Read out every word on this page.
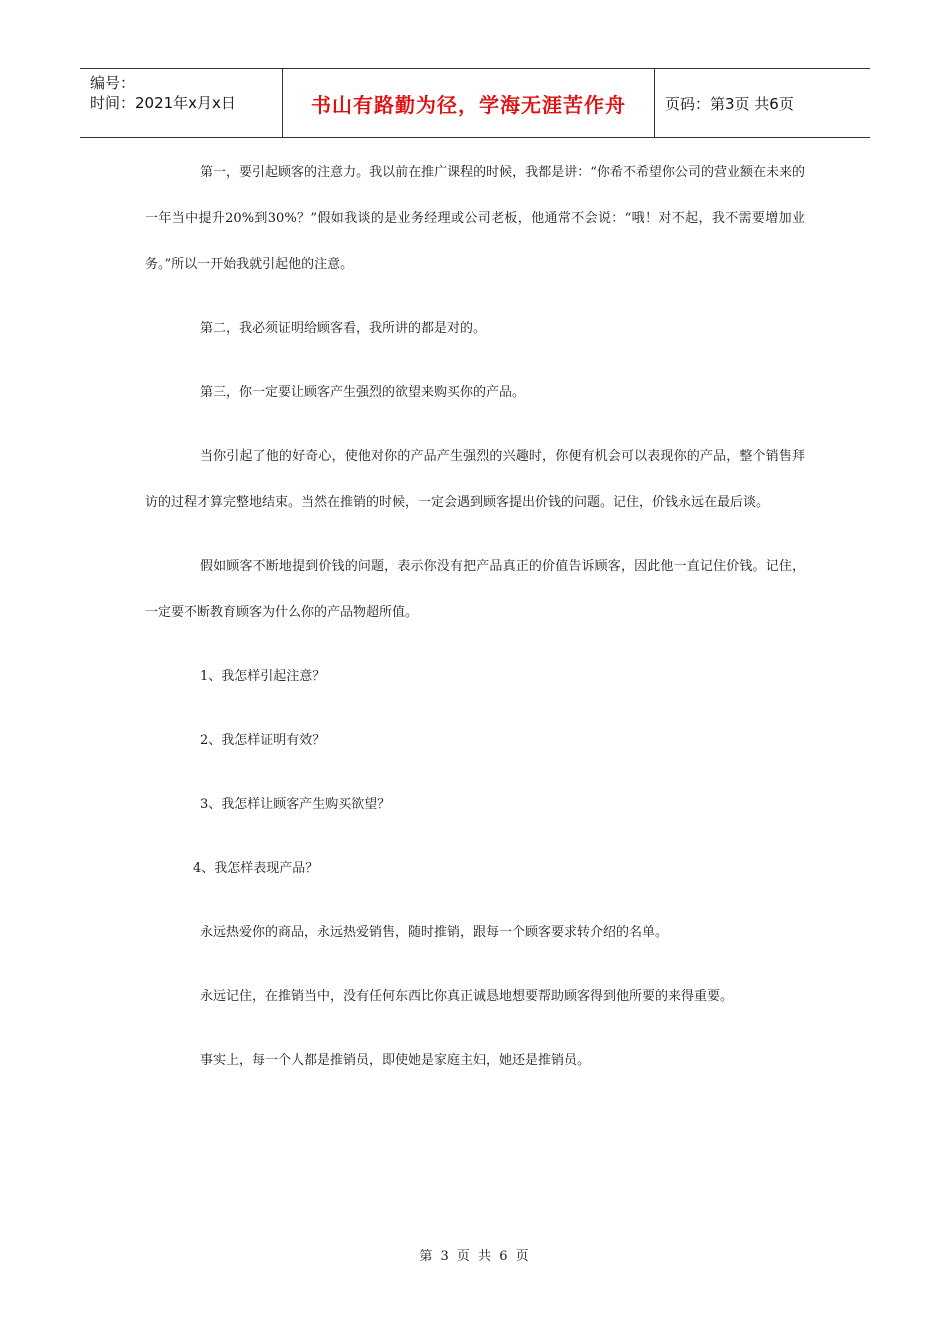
编号：
时间：2021年x月x日	书山有路勤为径，学海无涯苦作舟	页码：第3页 共6页

第一，要引起顾客的注意力。我以前在推广课程的时候，我都是讲：“你希不希望你公司的营业额在未来的一年当中提升20%到30%？”假如我谈的是业务经理或公司老板，他通常不会说：“哦！对不起，我不需要增加业务。”所以一开始我就引起他的注意。

第二，我必须证明给顾客看，我所讲的都是对的。

第三，你一定要让顾客产生强烈的欲望来购买你的产品。

当你引起了他的好奇心，使他对你的产品产生强烈的兴趣时，你便有机会可以表现你的产品，整个销售拜访的过程才算完整地结束。当然在推销的时候，一定会遇到顾客提出价钱的问题。记住，价钱永远在最后谈。

假如顾客不断地提到价钱的问题，表示你没有把产品真正的价值告诉顾客，因此他一直记住价钱。记住，一定要不断教育顾客为什么你的产品物超所值。

1、我怎样引起注意？

2、我怎样证明有效？

3、我怎样让顾客产生购买欲望？

4、我怎样表现产品？

永远热爱你的商品，永远热爱销售，随时推销，跟每一个顾客要求转介绍的名单。

永远记住，在推销当中，没有任何东西比你真正诚恳地想要帮助顾客得到他所要的来得重要。

事实上，每一个人都是推销员，即使她是家庭主妇，她还是推销员。

第 3 页 共 6 页
